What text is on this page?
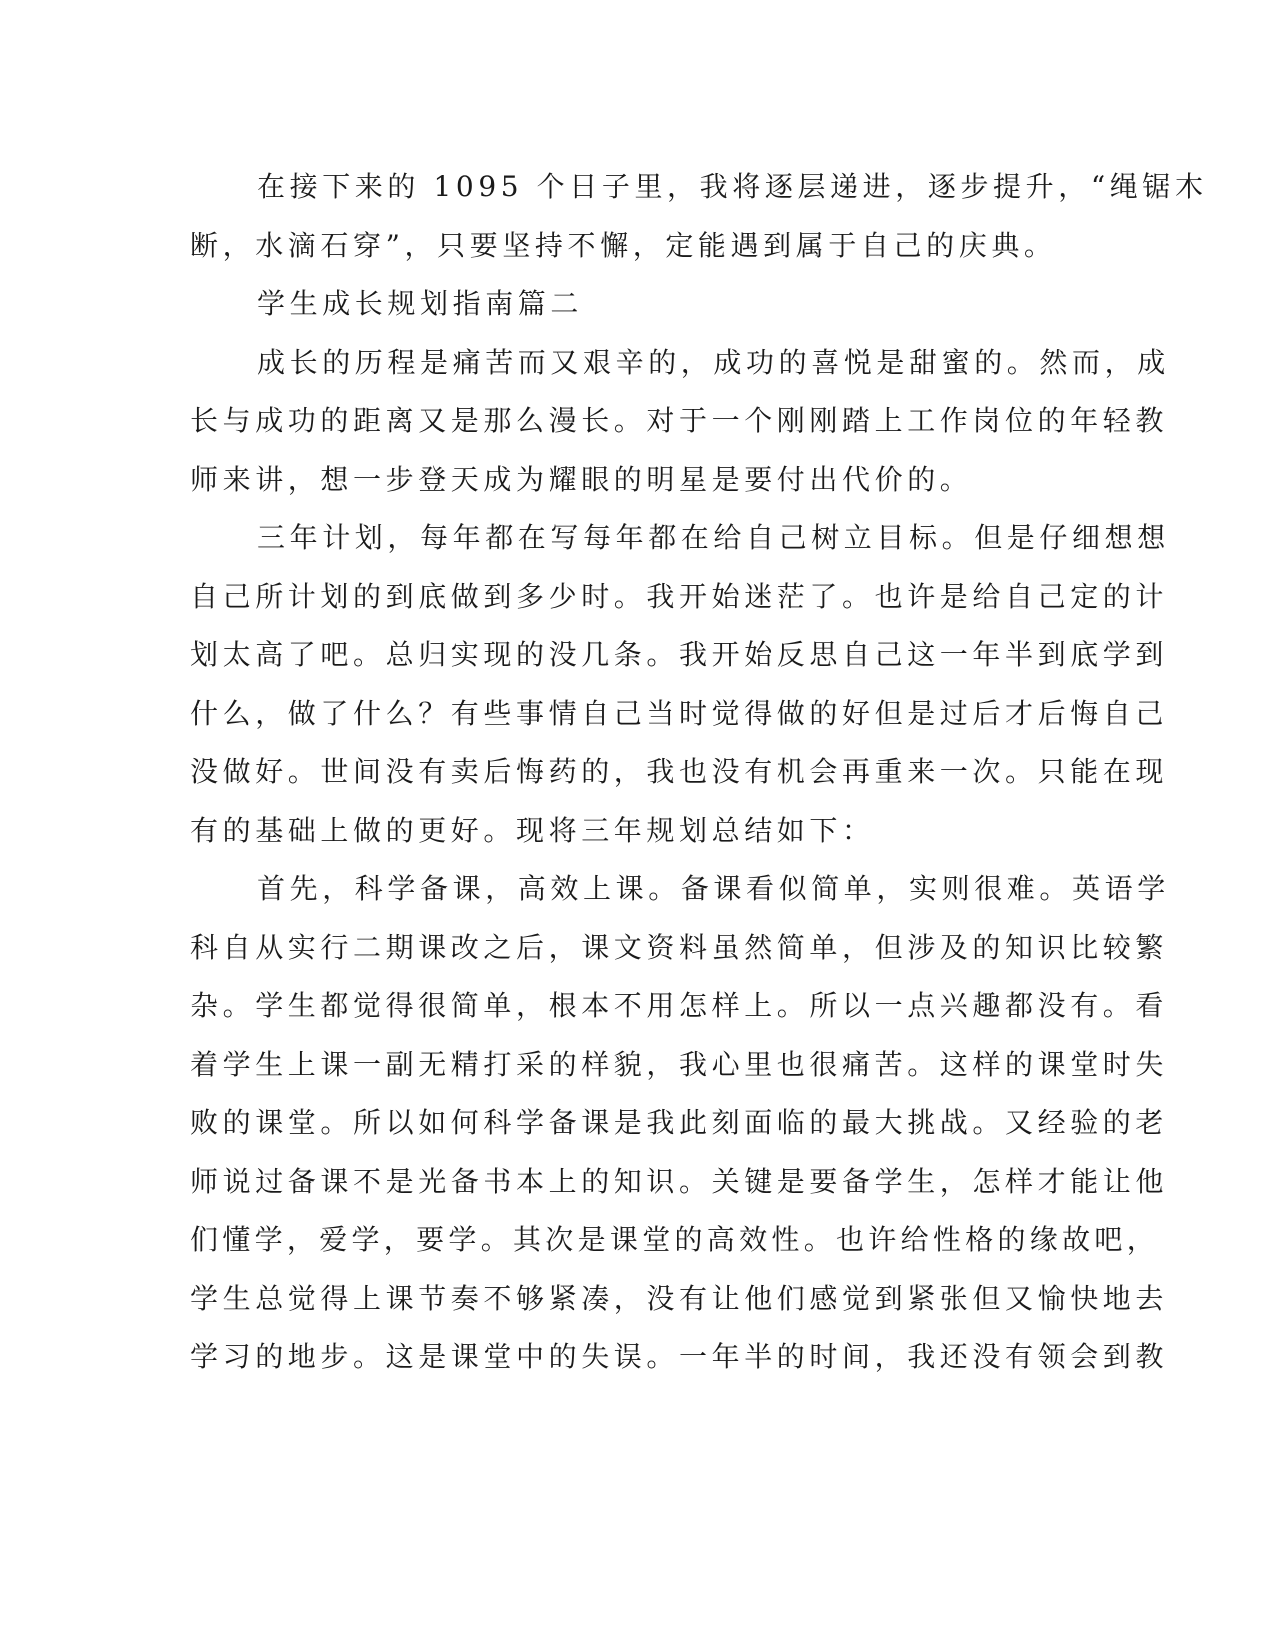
在接下来的 1095 个日子里，我将逐层递进，逐步提升，“绳锯木
断，水滴石穿”，只要坚持不懈，定能遇到属于自己的庆典。
学生成长规划指南篇二
成长的历程是痛苦而又艰辛的，成功的喜悦是甜蜜的。然而，成
长与成功的距离又是那么漫长。对于一个刚刚踏上工作岗位的年轻教
师来讲，想一步登天成为耀眼的明星是要付出代价的。
三年计划，每年都在写每年都在给自己树立目标。但是仔细想想
自己所计划的到底做到多少时。我开始迷茫了。也许是给自己定的计
划太高了吧。总归实现的没几条。我开始反思自己这一年半到底学到
什么，做了什么？有些事情自己当时觉得做的好但是过后才后悔自己
没做好。世间没有卖后悔药的，我也没有机会再重来一次。只能在现
有的基础上做的更好。现将三年规划总结如下：
首先，科学备课，高效上课。备课看似简单，实则很难。英语学
科自从实行二期课改之后，课文资料虽然简单，但涉及的知识比较繁
杂。学生都觉得很简单，根本不用怎样上。所以一点兴趣都没有。看
着学生上课一副无精打采的样貌，我心里也很痛苦。这样的课堂时失
败的课堂。所以如何科学备课是我此刻面临的最大挑战。又经验的老
师说过备课不是光备书本上的知识。关键是要备学生，怎样才能让他
们懂学，爱学，要学。其次是课堂的高效性。也许给性格的缘故吧，
学生总觉得上课节奏不够紧凑，没有让他们感觉到紧张但又愉快地去
学习的地步。这是课堂中的失误。一年半的时间，我还没有领会到教
